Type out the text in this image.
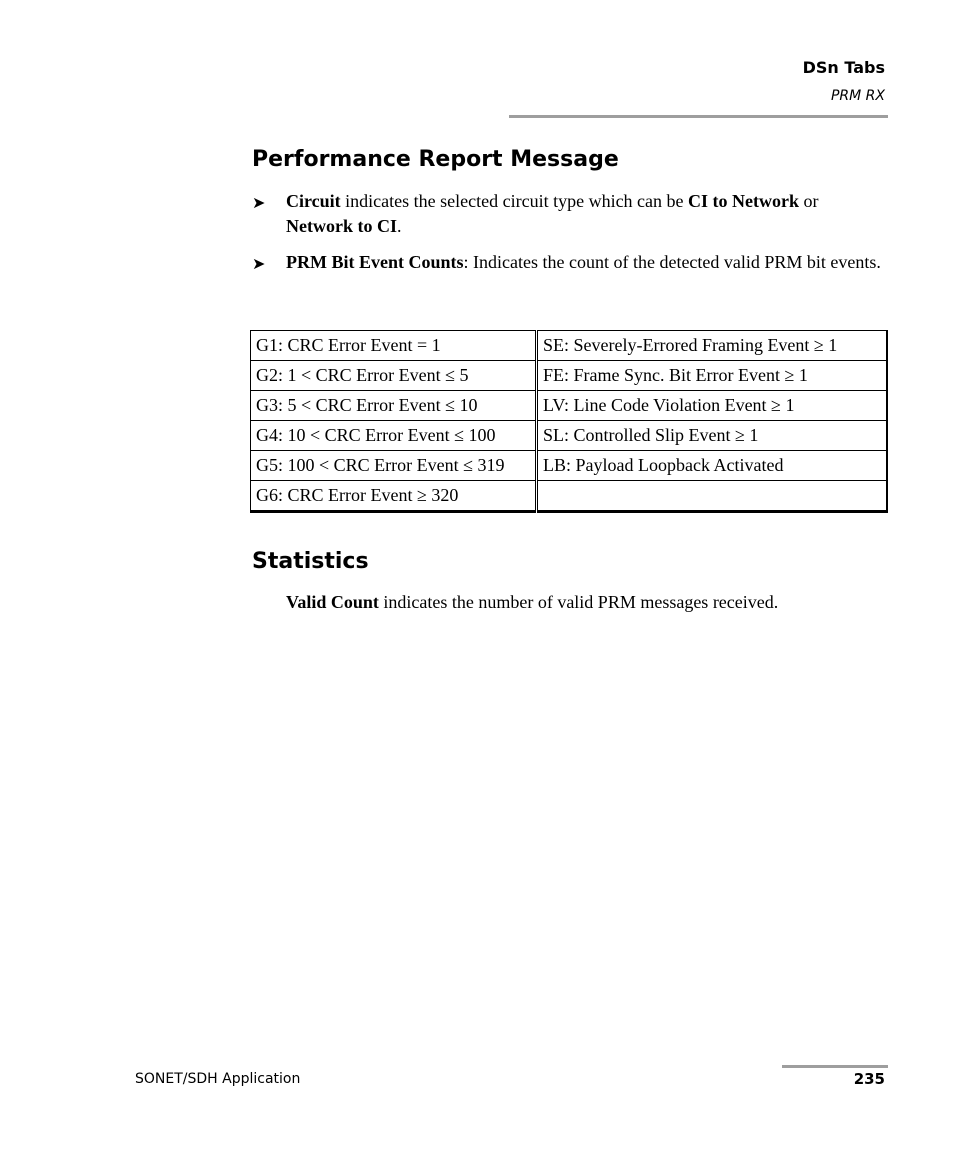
DSn Tabs
PRM RX
Performance Report Message
➤ Circuit indicates the selected circuit type which can be CI to Network or Network to CI.
➤ PRM Bit Event Counts: Indicates the count of the detected valid PRM bit events.
G1: CRC Error Event = 1	SE: Severely-Errored Framing Event ≥ 1
G2: 1 < CRC Error Event ≤ 5	FE: Frame Sync. Bit Error Event ≥ 1
G3: 5 < CRC Error Event ≤ 10	LV: Line Code Violation Event ≥ 1
G4: 10 < CRC Error Event ≤ 100	SL: Controlled Slip Event ≥ 1
G5: 100 < CRC Error Event ≤ 319	LB: Payload Loopback Activated
G6: CRC Error Event ≥ 320	
Statistics
Valid Count indicates the number of valid PRM messages received.
SONET/SDH Application	235
